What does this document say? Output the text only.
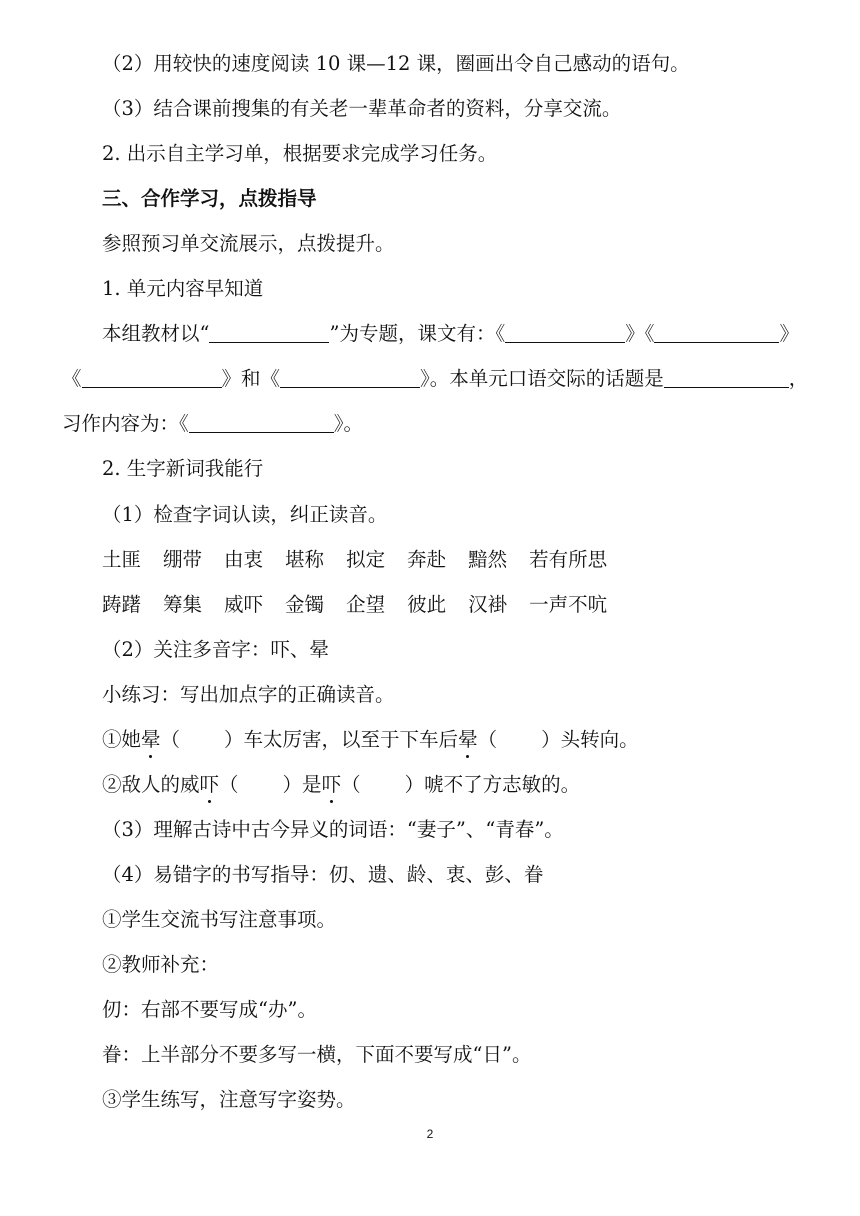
（2）用较快的速度阅读 10 课—12 课，圈画出令自己感动的语句。
（3）结合课前搜集的有关老一辈革命者的资料，分享交流。
2. 出示自主学习单，根据要求完成学习任务。
三、合作学习，点拨指导
参照预习单交流展示，点拨提升。
1. 单元内容早知道
本组教材以“	”为专题，课文有：《	》《	》
《	》和《	》。本单元口语交际的话题是	，
习作内容为：《	》。
2. 生字新词我能行
（1）检查字词认读，纠正读音。
土匪 绷带 由衷 堪称 拟定 奔赴 黯然 若有所思
踌躇 筹集 威吓 金镯 企望 彼此 汉褂 一声不吭
（2）关注多音字：吓、晕
小练习：写出加点字的正确读音。
①她晕（ ）车太厉害，以至于下车后晕（ ）头转向。
②敌人的威吓（ ）是吓（ ）唬不了方志敏的。
（3）理解古诗中古今异义的词语：“妻子”、“青春”。
（4）易错字的书写指导：仞、遗、龄、衷、彭、眷
①学生交流书写注意事项。
②教师补充：
仞：右部不要写成“办”。
眷：上半部分不要多写一横，下面不要写成“日”。
③学生练写，注意写字姿势。
2
